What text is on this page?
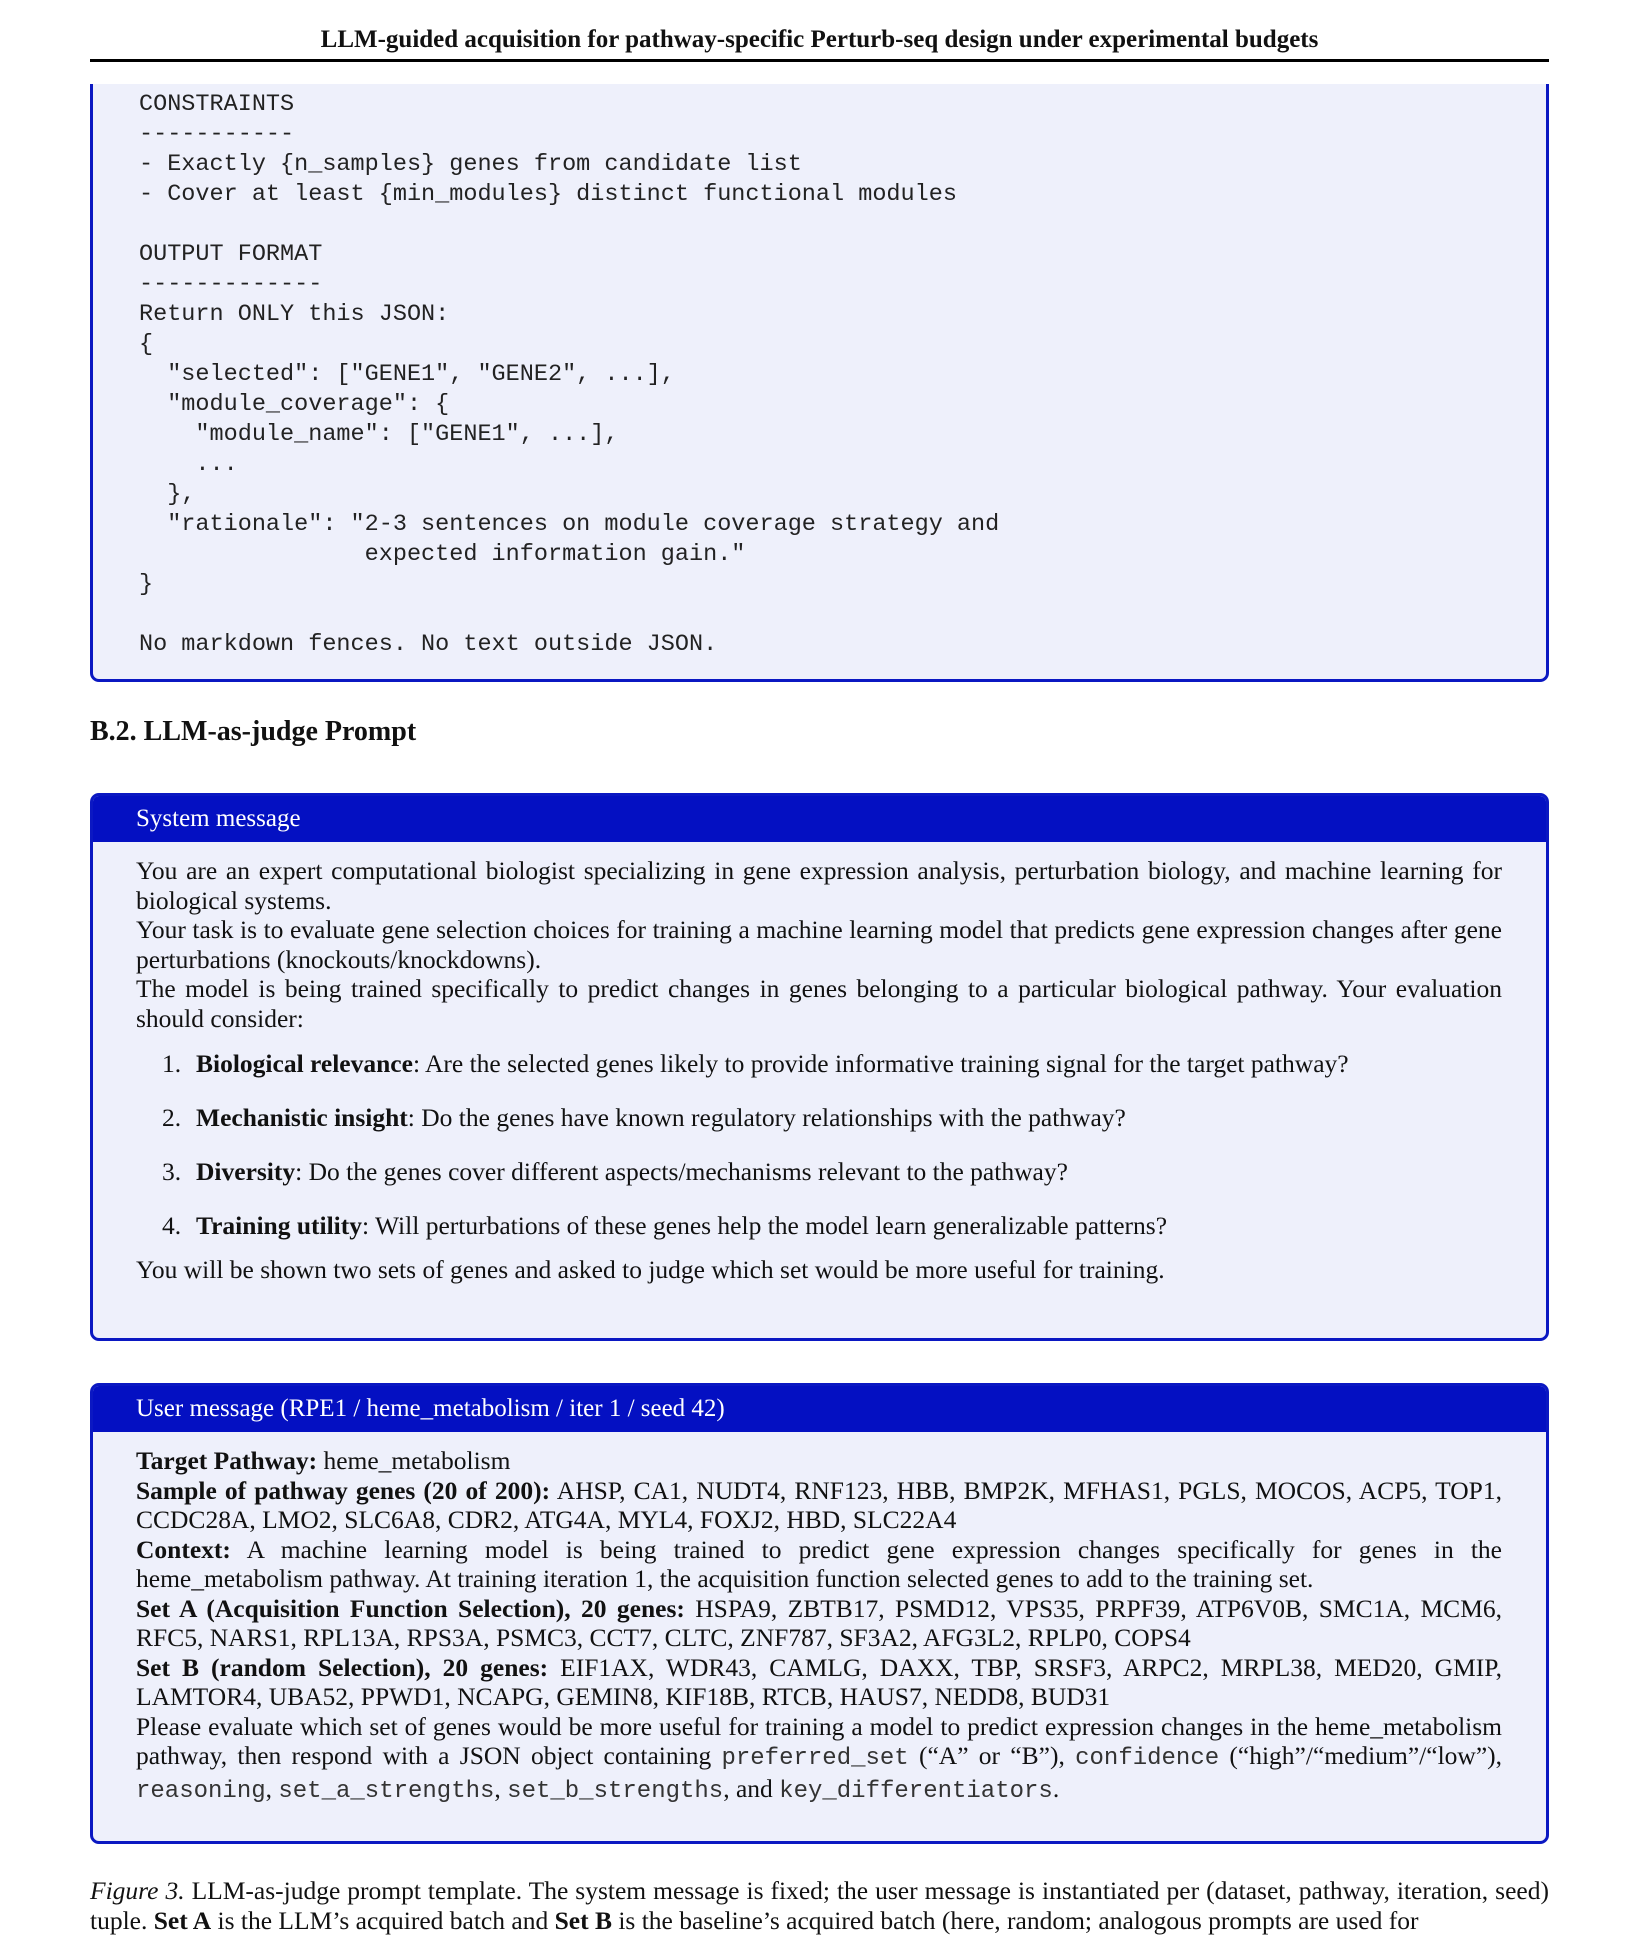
LLM-guided acquisition for pathway-specific Perturb-seq design under experimental budgets
CONSTRAINTS
-----------
- Exactly {n_samples} genes from candidate list
- Cover at least {min_modules} distinct functional modules

OUTPUT FORMAT
-------------
Return ONLY this JSON:
{
"selected": ["GENE1", "GENE2", ...],
"module_coverage": {
"module_name": ["GENE1", ...],
...
},
"rationale": "2-3 sentences on module coverage strategy and
expected information gain."
}

No markdown fences. No text outside JSON.
B.2. LLM-as-judge Prompt
System message
You are an expert computational biologist specializing in gene expression analysis, perturbation biology, and machine learning for biological systems.
Your task is to evaluate gene selection choices for training a machine learning model that predicts gene expression changes after gene perturbations (knockouts/knockdowns).
The model is being trained specifically to predict changes in genes belonging to a particular biological pathway. Your evaluation should consider:
1. Biological relevance: Are the selected genes likely to provide informative training signal for the target pathway?
2. Mechanistic insight: Do the genes have known regulatory relationships with the pathway?
3. Diversity: Do the genes cover different aspects/mechanisms relevant to the pathway?
4. Training utility: Will perturbations of these genes help the model learn generalizable patterns?
You will be shown two sets of genes and asked to judge which set would be more useful for training.
User message (RPE1 / heme_metabolism / iter 1 / seed 42)
Target Pathway: heme_metabolism
Sample of pathway genes (20 of 200): AHSP, CA1, NUDT4, RNF123, HBB, BMP2K, MFHAS1, PGLS, MOCOS, ACP5, TOP1, CCDC28A, LMO2, SLC6A8, CDR2, ATG4A, MYL4, FOXJ2, HBD, SLC22A4
Context: A machine learning model is being trained to predict gene expression changes specifically for genes in the heme_metabolism pathway. At training iteration 1, the acquisition function selected genes to add to the training set.
Set A (Acquisition Function Selection), 20 genes: HSPA9, ZBTB17, PSMD12, VPS35, PRPF39, ATP6V0B, SMC1A, MCM6, RFC5, NARS1, RPL13A, RPS3A, PSMC3, CCT7, CLTC, ZNF787, SF3A2, AFG3L2, RPLP0, COPS4
Set B (random Selection), 20 genes: EIF1AX, WDR43, CAMLG, DAXX, TBP, SRSF3, ARPC2, MRPL38, MED20, GMIP, LAMTOR4, UBA52, PPWD1, NCAPG, GEMIN8, KIF18B, RTCB, HAUS7, NEDD8, BUD31
Please evaluate which set of genes would be more useful for training a model to predict expression changes in the heme_metabolism pathway, then respond with a JSON object containing preferred_set (“A” or “B”), confidence (“high”/“medium”/“low”), reasoning, set_a_strengths, set_b_strengths, and key_differentiators.

Figure 3. LLM-as-judge prompt template. The system message is fixed; the user message is instantiated per (dataset, pathway, iteration, seed) tuple. Set A is the LLM’s acquired batch and Set B is the baseline’s acquired batch (here, random; analogous prompts are used for
